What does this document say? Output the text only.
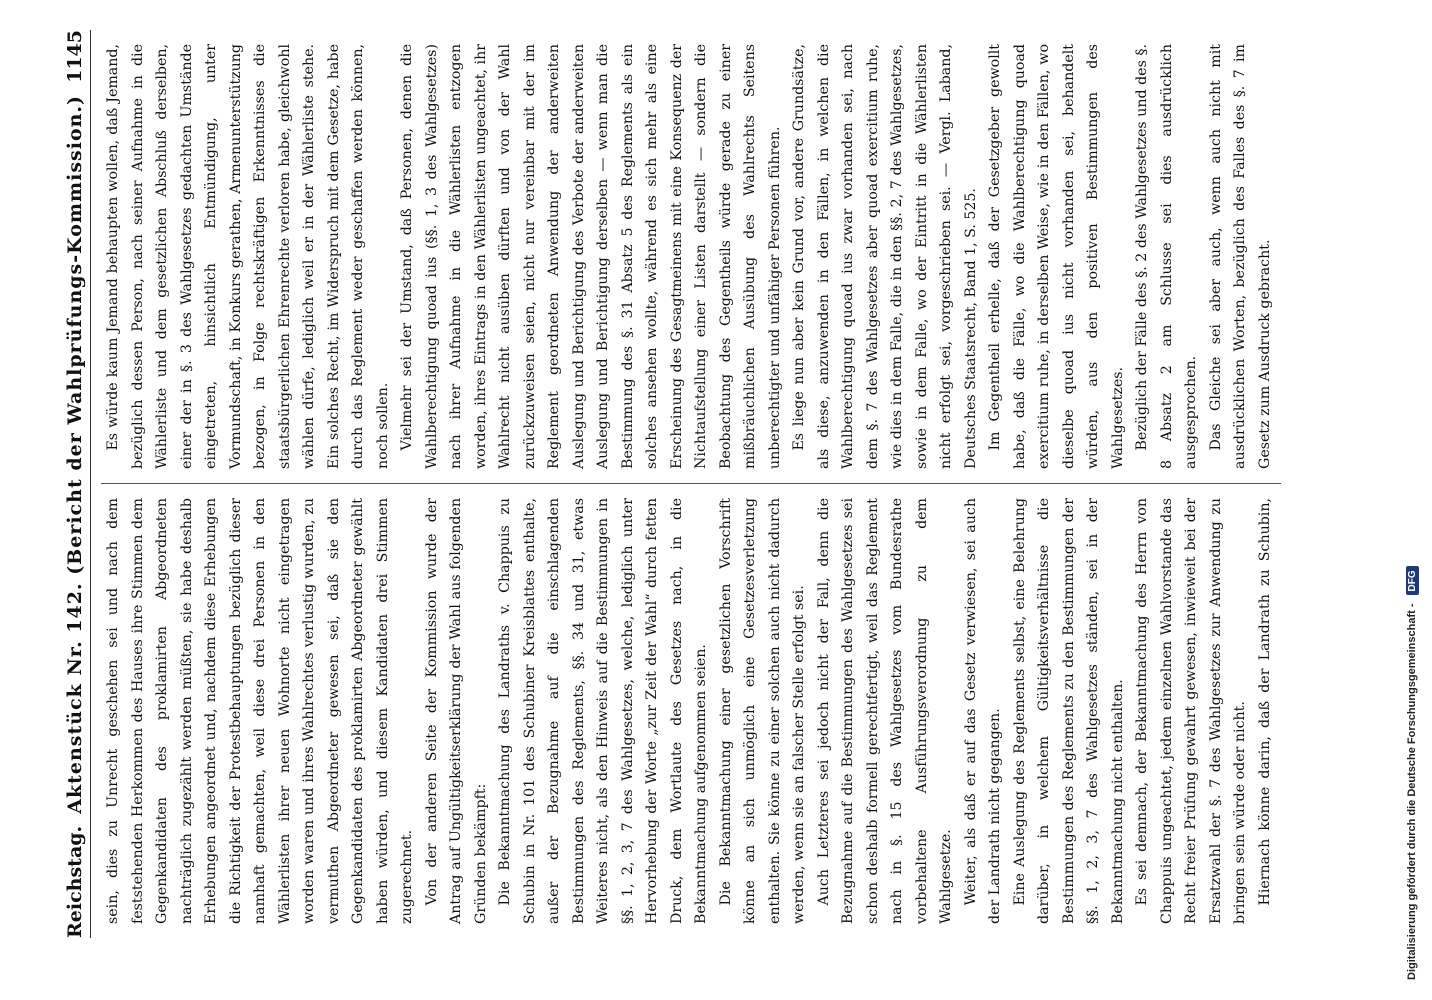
Reichstag.
Aktenstück Nr. 142. (Bericht der Wahlprüfungs-Kommission.)
1145

sein, dies zu Unrecht geschehen sei und nach dem feststehenden Herkommen des Hauses ihre Stimmen dem Gegenkandidaten des proklamirten Abgeordneten nachträglich zugezählt werden müßten, sie habe deshalb Erhebungen angeordnet und, nachdem diese Erhebungen die Richtigkeit der Protestbehauptungen bezüglich dieser namhaft gemachten, weil diese drei Personen in den Wählerlisten ihrer neuen Wohnorte nicht eingetragen worden waren und ihres Wahlrechtes verlustig wurden, zu vermuthen Abgeordneter gewesen sei, daß sie den Gegenkandidaten des proklamirten Abgeordneter gewählt haben würden, und diesem Kandidaten drei Stimmen zugerechnet. Von der anderen Seite der Kommission wurde der Antrag auf Ungültigkeitserklärung der Wahl aus folgenden Gründen bekämpft: Die Bekanntmachung des Landraths v. Chappuis zu Schubin in Nr. 101 des Schubiner Kreisblattes enthalte, außer der Bezugnahme auf die einschlagenden Bestimmungen des Reglements, §§. 34 und 31, etwas Weiteres nicht, als den Hinweis auf die Bestimmungen in §§. 1, 2, 3, 7 des Wahlgesetzes, welche, lediglich unter Hervorhebung der Worte „zur Zeit der Wahl“ durch fetten Druck, dem Wortlaute des Gesetzes nach, in die Bekanntmachung aufgenommen seien. Die Bekanntmachung einer gesetzlichen Vorschrift könne an sich unmöglich eine Gesetzesverletzung enthalten. Sie könne zu einer solchen auch nicht dadurch werden, wenn sie an falscher Stelle erfolgt sei. Auch Letzteres sei jedoch nicht der Fall, denn die Bezugnahme auf die Bestimmungen des Wahlgesetzes sei schon deshalb formell gerechtfertigt, weil das Reglement nach in §. 15 des Wahlgesetzes vom Bundesrathe vorbehaltene Ausführungsverordnung zu dem Wahlgesetze. Weiter, als daß er auf das Gesetz verwiesen, sei auch der Landrath nicht gegangen. Eine Auslegung des Reglements selbst, eine Belehrung darüber, in welchem Gültigkeitsverhältnisse die Bestimmungen des Reglements zu den Bestimmungen der §§. 1, 2, 3, 7 des Wahlgesetzes ständen, sei in der Bekanntmachung nicht enthalten. Es sei demnach, der Bekanntmachung des Herrn von Chappuis ungeachtet, jedem einzelnen Wahlvorstande das Recht freier Prüfung gewahrt gewesen, inwieweit bei der Ersatzwahl der §. 7 des Wahlgesetzes zur Anwendung zu bringen sein würde oder nicht. Hiernach könne darin, daß der Landrath zu Schubin,

Es würde kaum Jemand behaupten wollen, daß Jemand, bezüglich dessen Person, nach seiner Aufnahme in die Wählerliste und dem gesetzlichen Abschluß derselben, einer der in §. 3 des Wahlgesetzes gedachten Umstände eingetreten, hinsichtlich Entmündigung, unter Vormundschaft, in Konkurs gerathen, Armenunterstützung bezogen, in Folge rechtskräftigen Erkenntnisses die staatsbürgerlichen Ehrenrechte verloren habe, gleichwohl wählen dürfe, lediglich weil er in der Wählerliste stehe. Ein solches Recht, im Widerspruch mit dem Gesetze, habe durch das Reglement weder geschaffen werden können, noch sollen. Vielmehr sei der Umstand, daß Personen, denen die Wahlberechtigung quoad ius (§§. 1, 3 des Wahlgesetzes) nach ihrer Aufnahme in die Wählerlisten entzogen worden, ihres Eintrags in den Wählerlisten ungeachtet, ihr Wahlrecht nicht ausüben dürften und von der Wahl zurückzuweisen seien, nicht nur vereinbar mit der im Reglement geordneten Anwendung der anderweiten Auslegung und Berichtigung des Verbote der anderweiten Auslegung und Berichtigung derselben — wenn man die Bestimmung des §. 31 Absatz 5 des Reglements als ein solches ansehen wollte, während es sich mehr als eine Erscheinung des Gesagtmeinens mit eine Konsequenz der Nichtaufstellung einer Listen darstellt — sondern die Beobachtung des Gegentheils würde gerade zu einer mißbräuchlichen Ausübung des Wahlrechts Seitens unberechtigter und unfähiger Personen führen. Es liege nun aber kein Grund vor, andere Grundsätze, als diese, anzuwenden in den Fällen, in welchen die Wahlberechtigung quoad ius zwar vorhanden sei, nach dem §. 7 des Wahlgesetzes aber quoad exercitium ruhe, wie dies in dem Falle, die in den §§. 2, 7 des Wahlgesetzes, sowie in dem Falle, wo der Eintritt in die Wählerlisten nicht erfolgt sei, vorgeschrieben sei. — Vergl. Laband, Deutsches Staatsrecht, Band 1, S. 525. Im Gegentheil erhelle, daß der Gesetzgeber gewollt habe, daß die Fälle, wo die Wahlberechtigung quoad exercitium ruhe, in derselben Weise, wie in den Fällen, wo dieselbe quoad ius nicht vorhanden sei, behandelt würden, aus den positiven Bestimmungen des Wahlgesetzes. Bezüglich der Fälle des §. 2 des Wahlgesetzes und des §. 8 Absatz 2 am Schlusse sei dies ausdrücklich ausgesprochen. Das Gleiche sei aber auch, wenn auch nicht mit ausdrücklichen Worten, bezüglich des Falles des §. 7 im Gesetz zum Ausdruck gebracht.

Digitalisierung gefördert durch die Deutsche Forschungsgemeinschaft -
DFG
